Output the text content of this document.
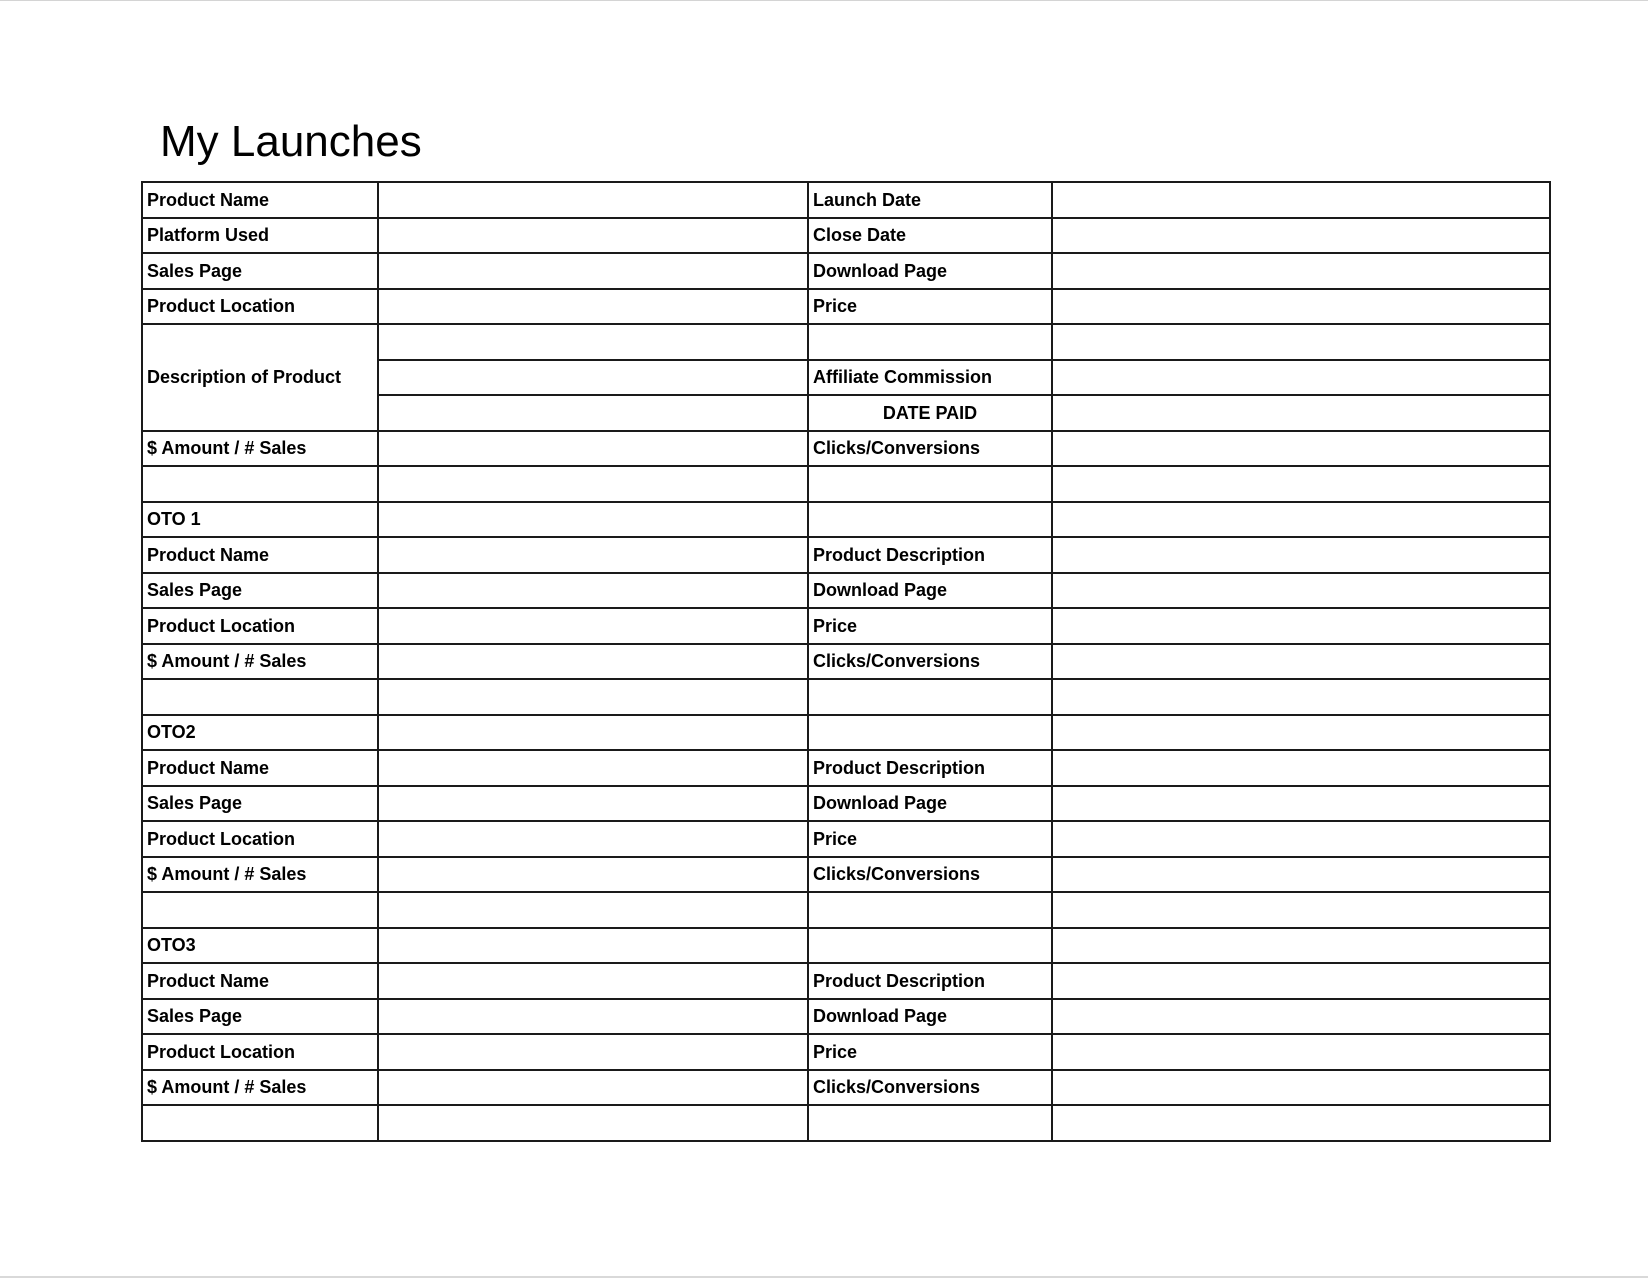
My Launches
Product Name		Launch Date	
Platform Used		Close Date	
Sales Page		Download Page	
Product Location		Price	
Description of Product			
		Affiliate Commission	
		DATE PAID	
$ Amount / # Sales		Clicks/Conversions	

OTO 1			
Product Name		Product Description	
Sales Page		Download Page	
Product Location		Price	
$ Amount / # Sales		Clicks/Conversions	

OTO2			
Product Name		Product Description	
Sales Page		Download Page	
Product Location		Price	
$ Amount / # Sales		Clicks/Conversions	

OTO3			
Product Name		Product Description	
Sales Page		Download Page	
Product Location		Price	
$ Amount / # Sales		Clicks/Conversions	
